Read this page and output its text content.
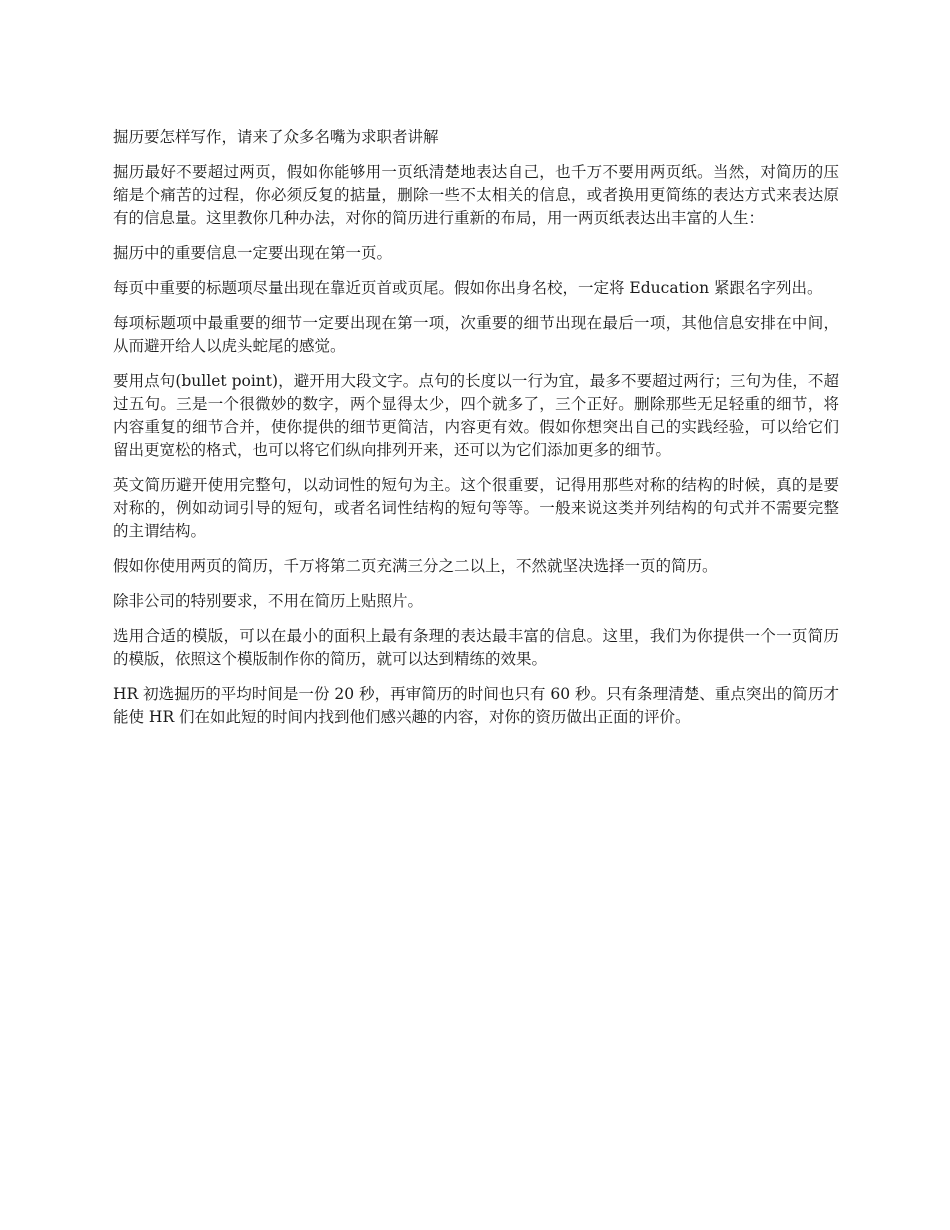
掘历要怎样写作，请来了众多名嘴为求职者讲解

掘历最好不要超过两页，假如你能够用一页纸清楚地表达自己，也千万不要用两页纸。当然，对简历的压缩是个痛苦的过程，你必须反复的掂量，删除一些不太相关的信息，或者换用更简练的表达方式来表达原有的信息量。这里教你几种办法，对你的简历进行重新的布局，用一两页纸表达出丰富的人生：

掘历中的重要信息一定要出现在第一页。

每页中重要的标题项尽量出现在靠近页首或页尾。假如你出身名校，一定将 Education 紧跟名字列出。

每项标题项中最重要的细节一定要出现在第一项，次重要的细节出现在最后一项，其他信息安排在中间，从而避开给人以虎头蛇尾的感觉。

要用点句(bullet point)，避开用大段文字。点句的长度以一行为宜，最多不要超过两行；三句为佳，不超过五句。三是一个很微妙的数字，两个显得太少，四个就多了，三个正好。删除那些无足轻重的细节，将内容重复的细节合并，使你提供的细节更简洁，内容更有效。假如你想突出自己的实践经验，可以给它们留出更宽松的格式，也可以将它们纵向排列开来，还可以为它们添加更多的细节。

英文简历避开使用完整句，以动词性的短句为主。这个很重要，记得用那些对称的结构的时候，真的是要对称的，例如动词引导的短句，或者名词性结构的短句等等。一般来说这类并列结构的句式并不需要完整的主谓结构。

假如你使用两页的简历，千万将第二页充满三分之二以上，不然就坚决选择一页的简历。

除非公司的特别要求，不用在简历上贴照片。

选用合适的模版，可以在最小的面积上最有条理的表达最丰富的信息。这里，我们为你提供一个一页简历的模版，依照这个模版制作你的简历，就可以达到精练的效果。

HR 初选掘历的平均时间是一份 20 秒，再审简历的时间也只有 60 秒。只有条理清楚、重点突出的简历才能使 HR 们在如此短的时间内找到他们感兴趣的内容，对你的资历做出正面的评价。
